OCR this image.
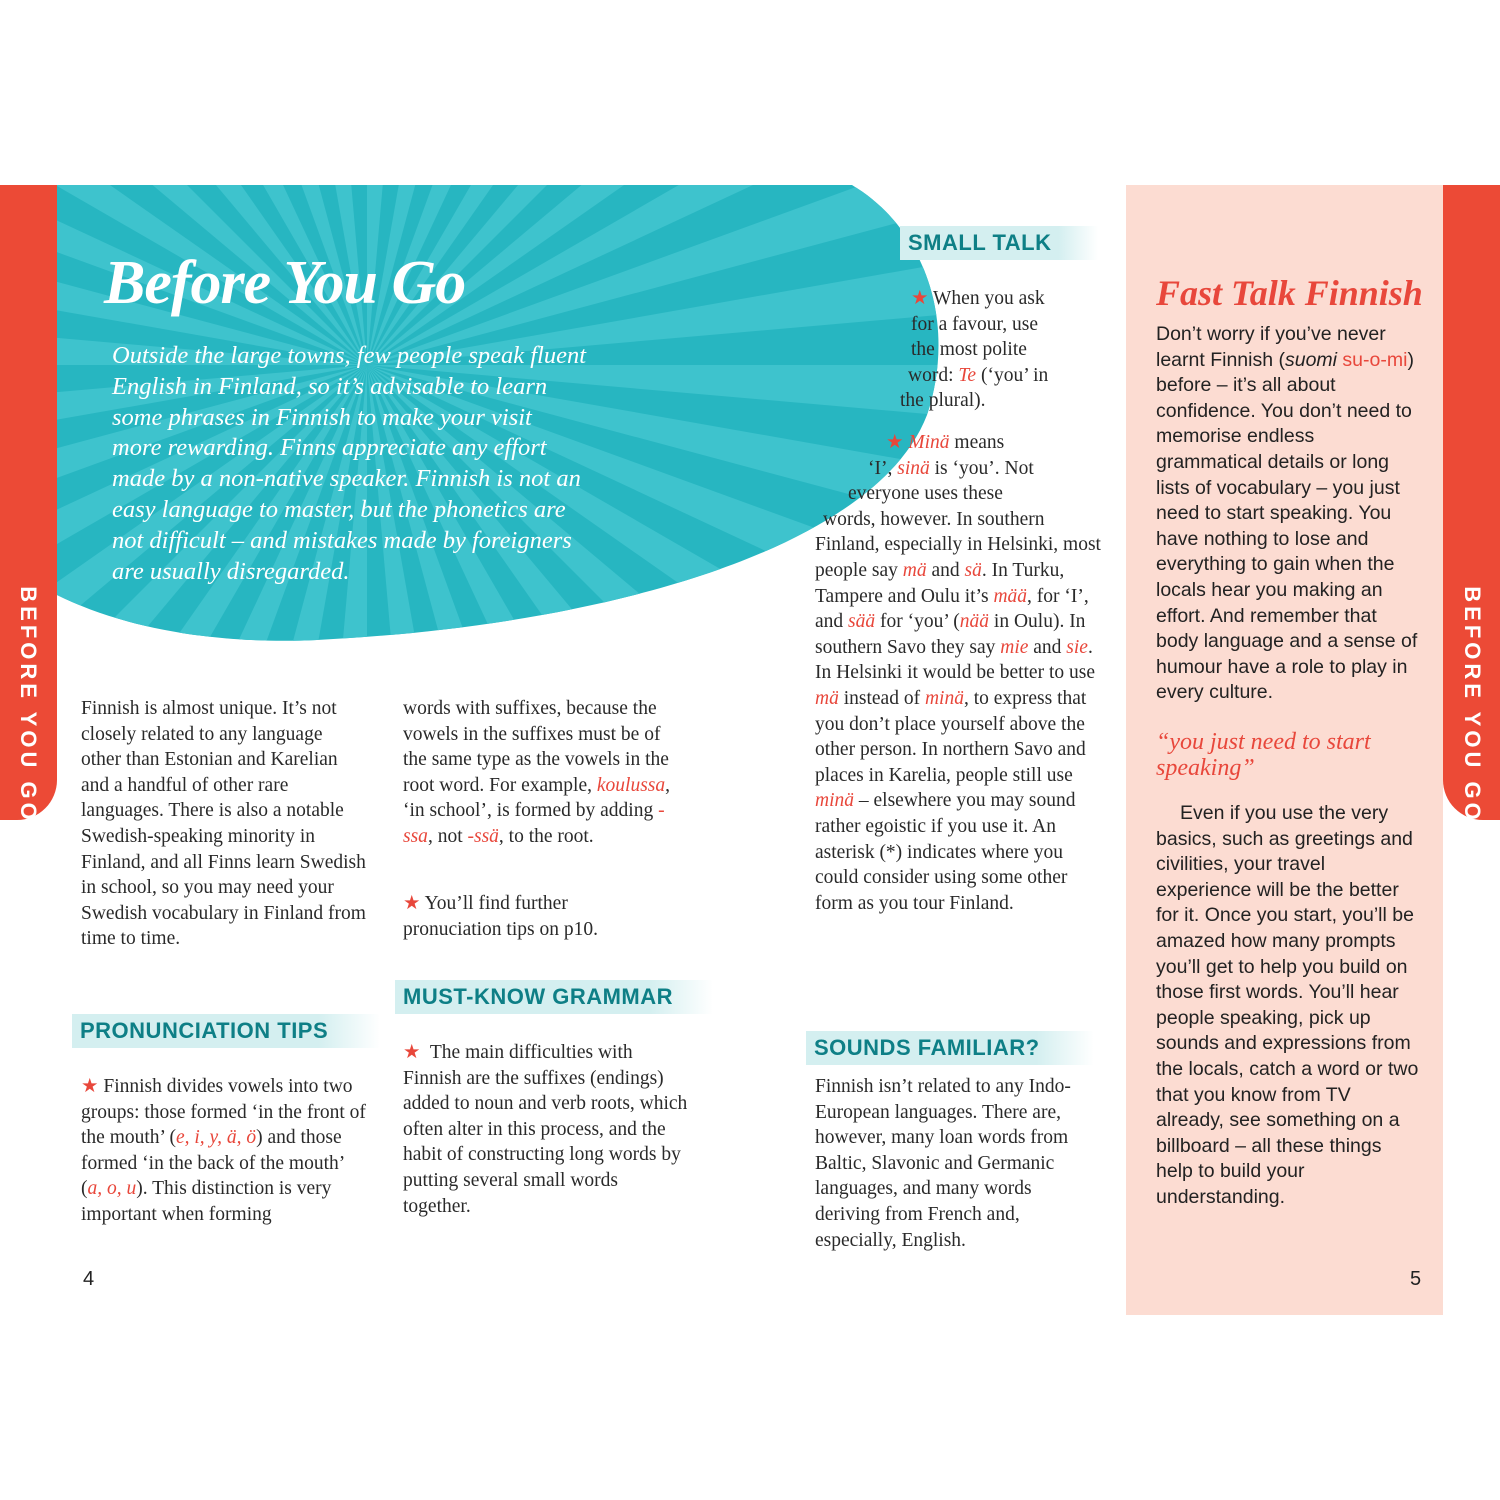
BEFORE YOU GO	BEFORE YOU GO
Before You Go
Outside the large towns, few people speak fluent
English in Finland, so it’s advisable to learn
some phrases in Finnish to make your visit
more rewarding. Finns appreciate any effort
made by a non-native speaker. Finnish is not an
easy language to master, but the phonetics are
not difficult – and mistakes made by foreigners
are usually disregarded.
Finnish is almost unique. It’s not closely related to any language other than Estonian and Karelian and a handful of other rare languages. There is also a notable Swedish-speaking minority in Finland, and all Finns learn Swedish in school, so you may need your Swedish vocabulary in Finland from time to time.
PRONUNCIATION TIPS
★ Finnish divides vowels into two groups: those formed ‘in the front of the mouth’ (e, i, y, ä, ö) and those formed ‘in the back of the mouth’ (a, o, u). This distinction is very important when forming
words with suffixes, because the vowels in the suffixes must be of the same type as the vowels in the root word. For example, koulussa, ‘in school’, is formed by adding -ssa, not -ssä, to the root.
★ You’ll find further pronuciation tips on p10.
MUST-KNOW GRAMMAR
★ The main difficulties with Finnish are the suffixes (endings) added to noun and verb roots, which often alter in this process, and the habit of constructing long words by putting several small words together.
SMALL TALK
★ When you ask
for a favour, use
the most polite
word: Te (‘you’ in
the plural).
★ Minä means
‘I’, sinä is ‘you’. Not
everyone uses these
words, however. In southern
Finland, especially in Helsinki, most people say mä and sä. In Turku, Tampere and Oulu it’s mää, for ‘I’, and sää for ‘you’ (nää in Oulu). In southern Savo they say mie and sie. In Helsinki it would be better to use mä instead of minä, to express that you don’t place yourself above the other person. In northern Savo and places in Karelia, people still use minä – elsewhere you may sound rather egoistic if you use it. An asterisk (*) indicates where you could consider using some other form as you tour Finland.
SOUNDS FAMILIAR?
Finnish isn’t related to any Indo-European languages. There are, however, many loan words from Baltic, Slavonic and Germanic languages, and many words deriving from French and, especially, English.
Fast Talk Finnish
Don’t worry if you’ve never learnt Finnish (suomi su-o-mi) before – it’s all about confidence. You don’t need to memorise endless grammatical details or long lists of vocabulary – you just need to start speaking. You have nothing to lose and everything to gain when the locals hear you making an effort. And remember that body language and a sense of humour have a role to play in every culture.
“you just need to start speaking”
Even if you use the very basics, such as greetings and civilities, your travel experience will be the better for it. Once you start, you’ll be amazed how many prompts you’ll get to help you build on those first words. You’ll hear people speaking, pick up sounds and expressions from the locals, catch a word or two that you know from TV already, see something on a billboard – all these things help to build your understanding.
4	5
